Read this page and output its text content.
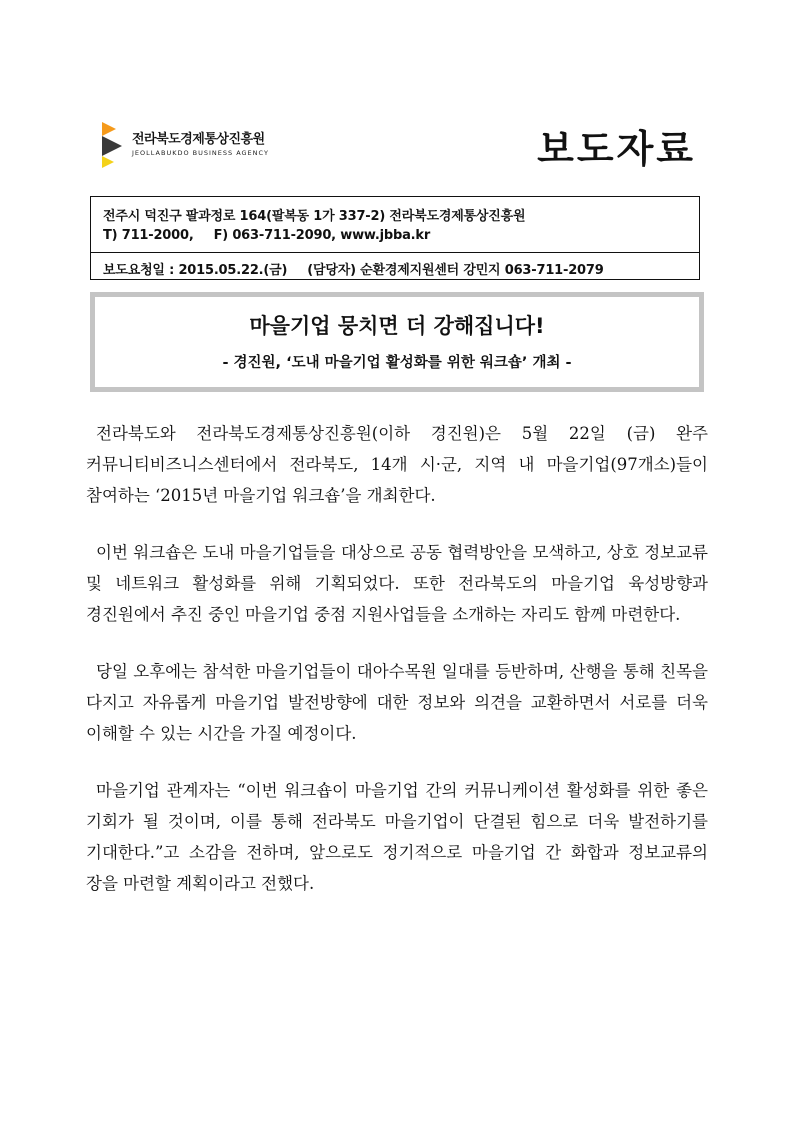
전라북도경제통상진흥원
JEOLLABUKDO BUSINESS AGENCY	보도자료
전주시 덕진구 팔과정로 164(팔복동 1가 337-2) 전라북도경제통상진흥원
T) 711-2000, F) 063-711-2090, www.jbba.kr
보도요청일 : 2015.05.22.(금) (담당자) 순환경제지원센터 강민지 063-711-2079
마을기업 뭉치면 더 강해집니다!
- 경진원, ‘도내 마을기업 활성화를 위한 워크숍’ 개최 -

전라북도와 전라북도경제통상진흥원(이하 경진원)은 5월 22일 (금) 완주 커뮤니티비즈니스센터에서 전라북도, 14개 시·군, 지역 내 마을기업(97개소)들이 참여하는 ‘2015년 마을기업 워크숍’을 개최한다.

이번 워크숍은 도내 마을기업들을 대상으로 공동 협력방안을 모색하고, 상호 정보교류 및 네트워크 활성화를 위해 기획되었다. 또한 전라북도의 마을기업 육성방향과 경진원에서 추진 중인 마을기업 중점 지원사업들을 소개하는 자리도 함께 마련한다.

당일 오후에는 참석한 마을기업들이 대아수목원 일대를 등반하며, 산행을 통해 친목을 다지고 자유롭게 마을기업 발전방향에 대한 정보와 의견을 교환하면서 서로를 더욱 이해할 수 있는 시간을 가질 예정이다.

마을기업 관계자는 “이번 워크숍이 마을기업 간의 커뮤니케이션 활성화를 위한 좋은 기회가 될 것이며, 이를 통해 전라북도 마을기업이 단결된 힘으로 더욱 발전하기를 기대한다.”고 소감을 전하며, 앞으로도 정기적으로 마을기업 간 화합과 정보교류의 장을 마련할 계획이라고 전했다.
